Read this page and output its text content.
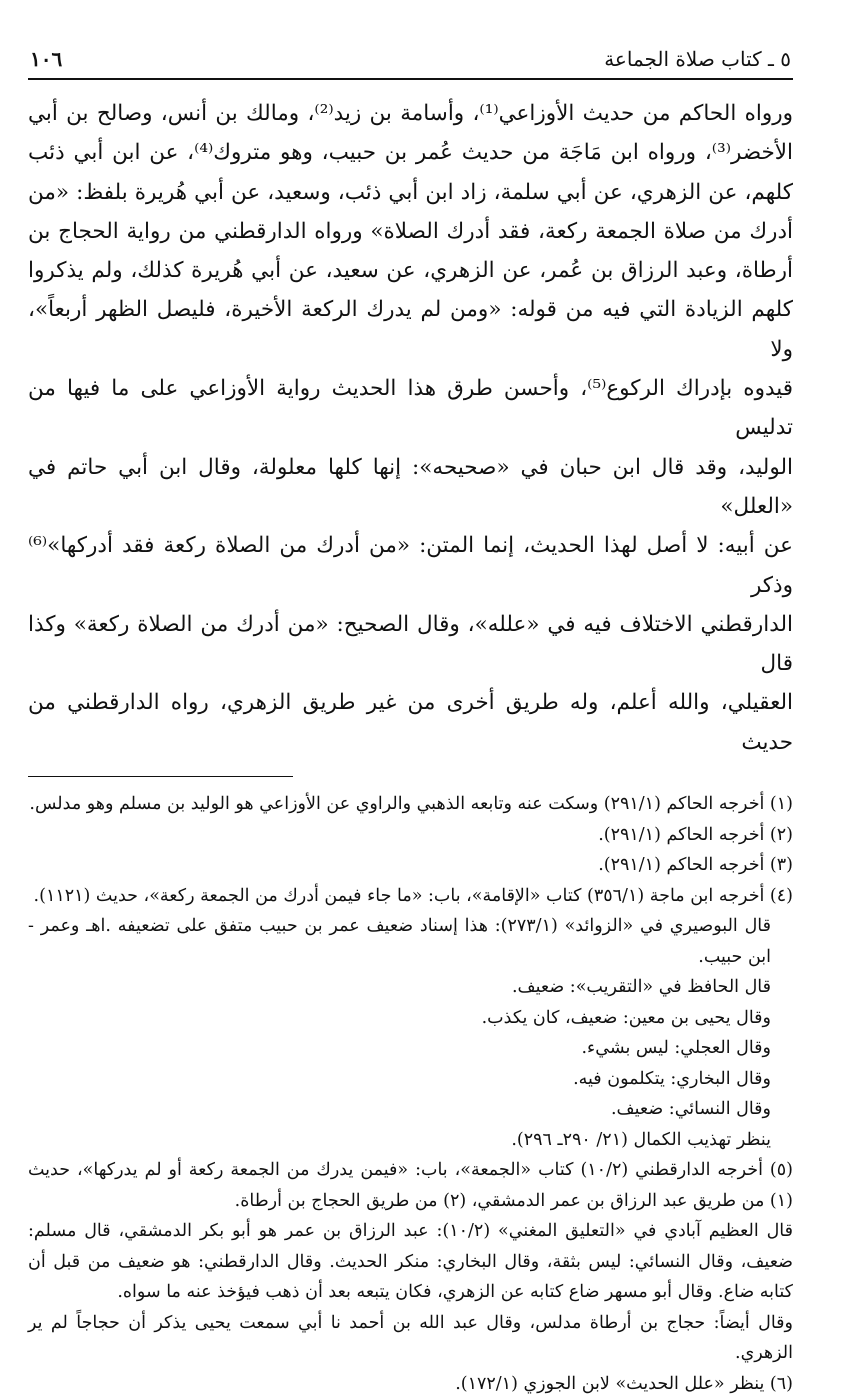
٥ ـ كتاب صلاة الجماعة
١٠٦

ورواه الحاكم من حديث الأوزاعي⁽¹⁾، وأسامة بن زيد⁽²⁾، ومالك بن أنس، وصالح بن أبي

الأخضر⁽³⁾، ورواه ابن مَاجَة من حديث عُمر بن حبيب، وهو متروك⁽⁴⁾، عن ابن أبي ذئب

كلهم، عن الزهري، عن أبي سلمة، زاد ابن أبي ذئب، وسعيد، عن أبي هُريرة بلفظ: «من

أدرك من صلاة الجمعة ركعة، فقد أدرك الصلاة» ورواه الدارقطني من رواية الحجاج بن

أرطاة، وعبد الرزاق بن عُمر، عن الزهري، عن سعيد، عن أبي هُريرة كذلك، ولم يذكروا

كلهم الزيادة التي فيه من قوله: «ومن لم يدرك الركعة الأخيرة، فليصل الظهر أربعاً»، ولا

قيدوه بإدراك الركوع⁽⁵⁾، وأحسن طرق هذا الحديث رواية الأوزاعي على ما فيها من تدليس

الوليد، وقد قال ابن حبان في «صحيحه»: إنها كلها معلولة، وقال ابن أبي حاتم في «العلل»

عن أبيه: لا أصل لهذا الحديث، إنما المتن: «من أدرك من الصلاة ركعة فقد أدركها»⁽⁶⁾ وذكر

الدارقطني الاختلاف فيه في «علله»، وقال الصحيح: «من أدرك من الصلاة ركعة» وكذا قال

العقيلي، والله أعلم، وله طريق أخرى من غير طريق الزهري، رواه الدارقطني من حديث

(١) أخرجه الحاكم (٢٩١/١) وسكت عنه وتابعه الذهبي والراوي عن الأوزاعي هو الوليد بن مسلم وهو مدلس.

(٢) أخرجه الحاكم (٢٩١/١).

(٣) أخرجه الحاكم (٢٩١/١).

(٤) أخرجه ابن ماجة (٣٥٦/١) كتاب «الإقامة»، باب: «ما جاء فيمن أدرك من الجمعة ركعة»، حديث (١١٢١).

قال البوصيري في «الزوائد» (٢٧٣/١): هذا إسناد ضعيف عمر بن حبيب متفق على تضعيفه .اهـ وعمر - ابن حبيب.

قال الحافظ في «التقريب»: ضعيف.

وقال يحيى بن معين: ضعيف، كان يكذب.

وقال العجلي: ليس بشيء.

وقال البخاري: يتكلمون فيه.

وقال النسائي: ضعيف.

ينظر تهذيب الكمال (٢١/ ٢٩٠ـ ٢٩٦).

(٥) أخرجه الدارقطني (١٠/٢) كتاب «الجمعة»، باب: «فيمن يدرك من الجمعة ركعة أو لم يدركها»، حديث (١) من طريق عبد الرزاق بن عمر الدمشقي، (٢) من طريق الحجاج بن أرطاة.

قال العظيم آبادي في «التعليق المغني» (١٠/٢): عبد الرزاق بن عمر هو أبو بكر الدمشقي، قال مسلم: ضعيف، وقال النسائي: ليس بثقة، وقال البخاري: منكر الحديث. وقال الدارقطني: هو ضعيف من قبل أن كتابه ضاع. وقال أبو مسهر ضاع كتابه عن الزهري، فكان يتبعه بعد أن ذهب فيؤخذ عنه ما سواه.

وقال أيضاً: حجاج بن أرطاة مدلس، وقال عبد الله بن أحمد نا أبي سمعت يحيى يذكر أن حجاجاً لم ير الزهري.

(٦) ينظر «علل الحديث» لابن الجوزي (١٧٢/١).
